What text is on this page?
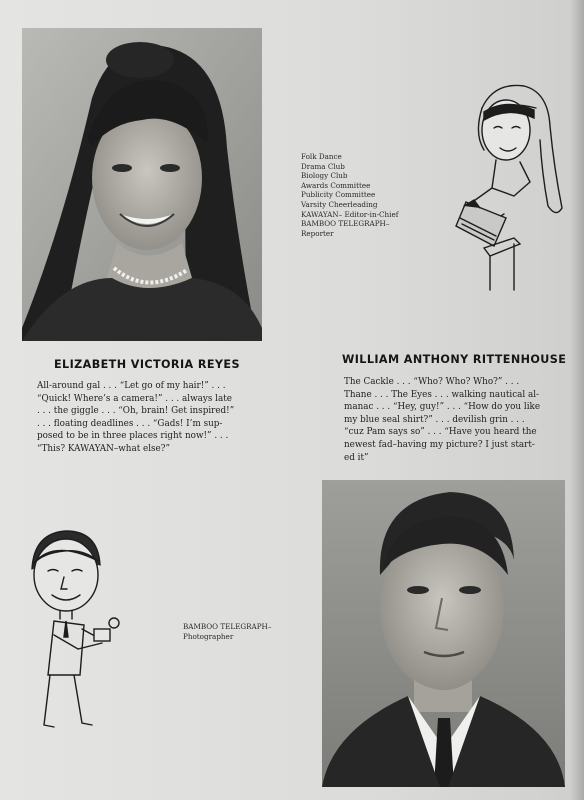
Folk Dance
Drama Club
Biology Club
Awards Committee
Publicity Committee
Varsity Cheerleading
KAWAYAN– Editor-in-Chief
BAMBOO TELEGRAPH–
Reporter
ELIZABETH VICTORIA REYES	WILLIAM ANTHONY RITTENHOUSE
All-around gal . . . “Let go of my hair!” . . .
“Quick! Where’s a camera!” . . . always late
. . . the giggle . . . “Oh, brain! Get inspired!”
. . . floating deadlines . . . “Gads! I’m sup-
posed to be in three places right now!” . . .
“This? KAWAYAN–what else?”
The Cackle . . . “Who? Who? Who?” . . .
Thane . . . The Eyes . . . walking nautical al-
manac . . . “Hey, guy!” . . . “How do you like
my blue seal shirt?” . . . devilish grin . . .
“cuz Pam says so” . . . “Have you heard the
newest fad–having my picture? I just start-
ed it”
BAMBOO TELEGRAPH–
Photographer
